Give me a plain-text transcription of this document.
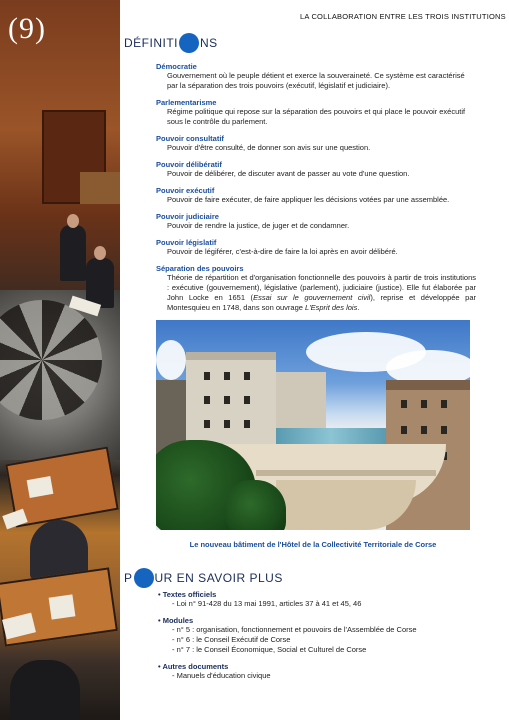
(9)	LA COLLABORATION ENTRE LES TROIS INSTITUTIONS
DÉFINITI NS
Démocratie
Gouvernement où le peuple détient et exerce la souveraineté. Ce système est caractérisé par la séparation des trois pouvoirs (exécutif, législatif et judiciaire).
Parlementarisme
Régime politique qui repose sur la séparation des pouvoirs et qui place le pouvoir exécutif sous le contrôle du parlement.
Pouvoir consultatif
Pouvoir d'être consulté, de donner son avis sur une question.
Pouvoir délibératif
Pouvoir de délibérer, de discuter avant de passer au vote d'une question.
Pouvoir exécutif
Pouvoir de faire exécuter, de faire appliquer les décisions votées par une assemblée.
Pouvoir judiciaire
Pouvoir de rendre la justice, de juger et de condamner.
Pouvoir législatif
Pouvoir de légiférer, c'est-à-dire de faire la loi après en avoir délibéré.
Séparation des pouvoirs
Théorie de répartition et d'organisation fonctionnelle des pouvoirs à partir de trois institutions : exécutive (gouvernement), législative (parlement), judiciaire (justice). Elle fut élaborée par John Locke en 1651 (Essai sur le gouvernement civil), reprise et développée par Montesquieu en 1748, dans son ouvrage L'Esprit des lois.
Le nouveau bâtiment de l'Hôtel de la Collectivité Territoriale de Corse
P UR EN SAVOIR PLUS
• Textes officiels
- Loi n° 91-428 du 13 mai 1991, articles 37 à 41 et 45, 46
• Modules
- n° 5 : organisation, fonctionnement et pouvoirs de l'Assemblée de Corse
- n° 6 : le Conseil Exécutif de Corse
- n° 7 : le Conseil Économique, Social et Culturel de Corse
• Autres documents
- Manuels d'éducation civique
